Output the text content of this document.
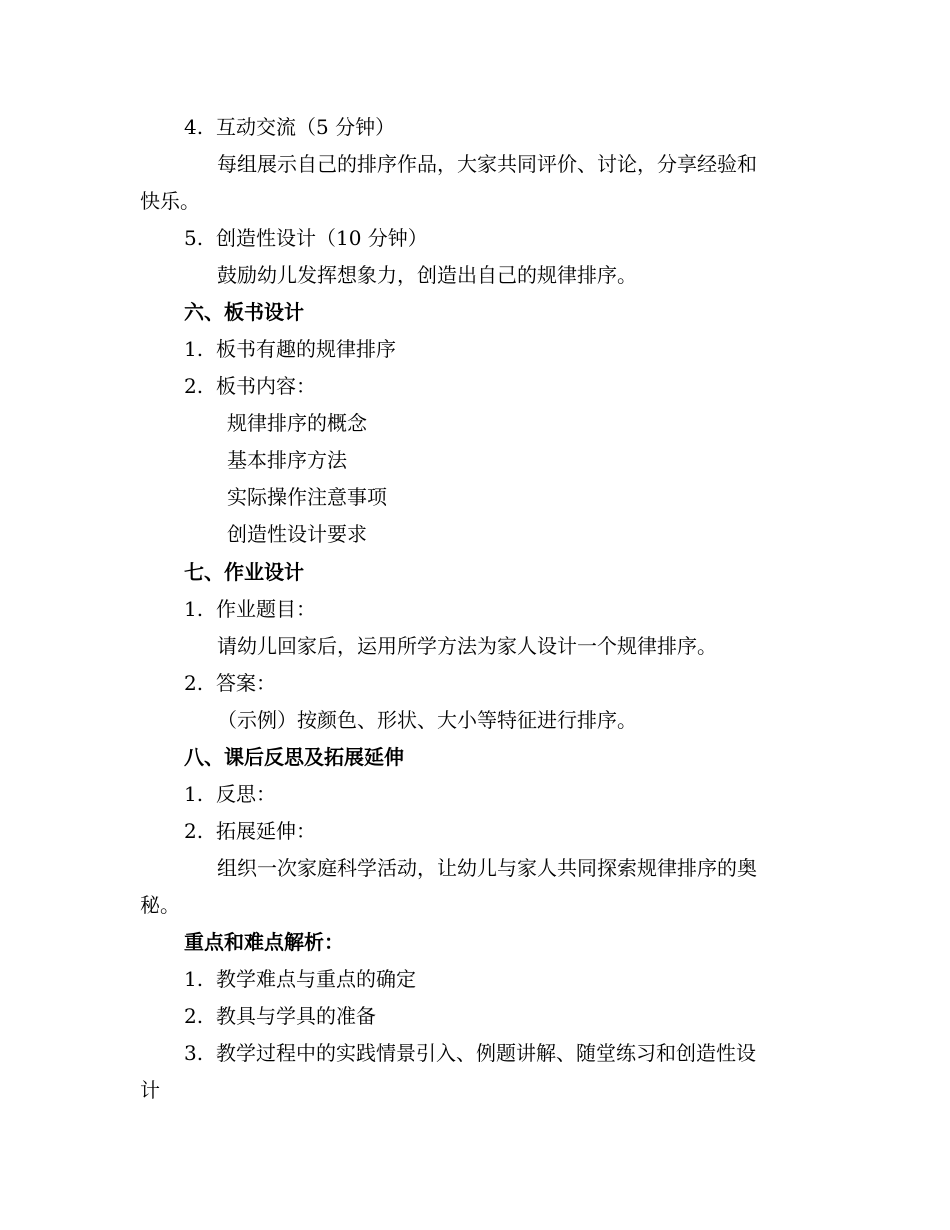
4. 互动交流（5 分钟）
每组展示自己的排序作品，大家共同评价、讨论，分享经验和
快乐。
5. 创造性设计（10 分钟）
鼓励幼儿发挥想象力，创造出自己的规律排序。
六、板书设计
1. 板书有趣的规律排序
2. 板书内容：
规律排序的概念
基本排序方法
实际操作注意事项
创造性设计要求
七、作业设计
1. 作业题目：
请幼儿回家后，运用所学方法为家人设计一个规律排序。
2. 答案：
（示例）按颜色、形状、大小等特征进行排序。
八、课后反思及拓展延伸
1. 反思：
2. 拓展延伸：
组织一次家庭科学活动，让幼儿与家人共同探索规律排序的奥
秘。
重点和难点解析：
1. 教学难点与重点的确定
2. 教具与学具的准备
3. 教学过程中的实践情景引入、例题讲解、随堂练习和创造性设
计
